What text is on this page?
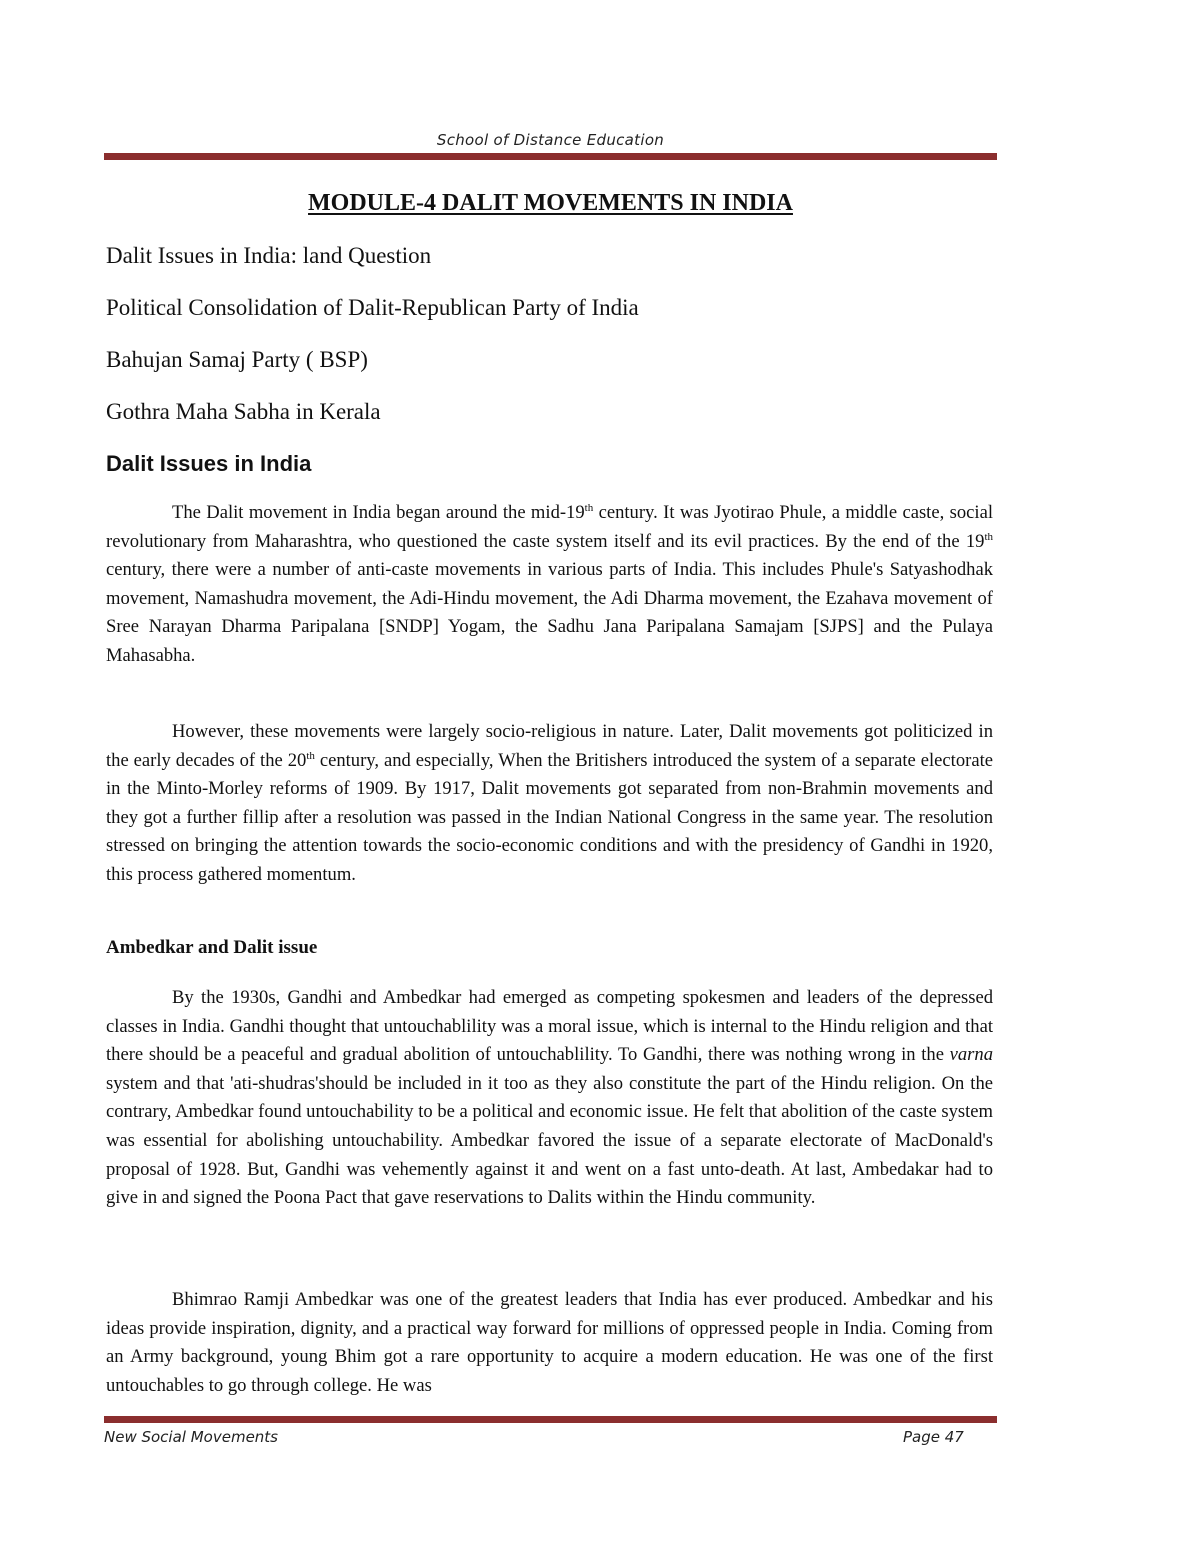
School of Distance Education
MODULE-4 DALIT MOVEMENTS IN INDIA
Dalit Issues in India: land Question
Political Consolidation of Dalit-Republican Party of India
Bahujan Samaj Party ( BSP)
Gothra Maha Sabha in Kerala
Dalit Issues in India

The Dalit movement in India began around the mid-19th century. It was Jyotirao Phule, a middle caste, social revolutionary from Maharashtra, who questioned the caste system itself and its evil practices. By the end of the 19th century, there were a number of anti-caste movements in various parts of India. This includes Phule's Satyashodhak movement, Namashudra movement, the Adi-Hindu movement, the Adi Dharma movement, the Ezahava movement of Sree Narayan Dharma Paripalana [SNDP] Yogam, the Sadhu Jana Paripalana Samajam [SJPS] and the Pulaya Mahasabha.

However, these movements were largely socio-religious in nature. Later, Dalit movements got politicized in the early decades of the 20th century, and especially, When the Britishers introduced the system of a separate electorate in the Minto-Morley reforms of 1909. By 1917, Dalit movements got separated from non-Brahmin movements and they got a further fillip after a resolution was passed in the Indian National Congress in the same year. The resolution stressed on bringing the attention towards the socio-economic conditions and with the presidency of Gandhi in 1920, this process gathered momentum.

Ambedkar and Dalit issue

By the 1930s, Gandhi and Ambedkar had emerged as competing spokesmen and leaders of the depressed classes in India. Gandhi thought that untouchablility was a moral issue, which is internal to the Hindu religion and that there should be a peaceful and gradual abolition of untouchablility. To Gandhi, there was nothing wrong in the varna system and that 'ati-shudras'should be included in it too as they also constitute the part of the Hindu religion. On the contrary, Ambedkar found untouchability to be a political and economic issue. He felt that abolition of the caste system was essential for abolishing untouchability. Ambedkar favored the issue of a separate electorate of MacDonald's proposal of 1928. But, Gandhi was vehemently against it and went on a fast unto-death. At last, Ambedakar had to give in and signed the Poona Pact that gave reservations to Dalits within the Hindu community.

Bhimrao Ramji Ambedkar was one of the greatest leaders that India has ever produced. Ambedkar and his ideas provide inspiration, dignity, and a practical way forward for millions of oppressed people in India. Coming from an Army background, young Bhim got a rare opportunity to acquire a modern education. He was one of the first untouchables to go through college. He was

New Social Movements	Page 47
